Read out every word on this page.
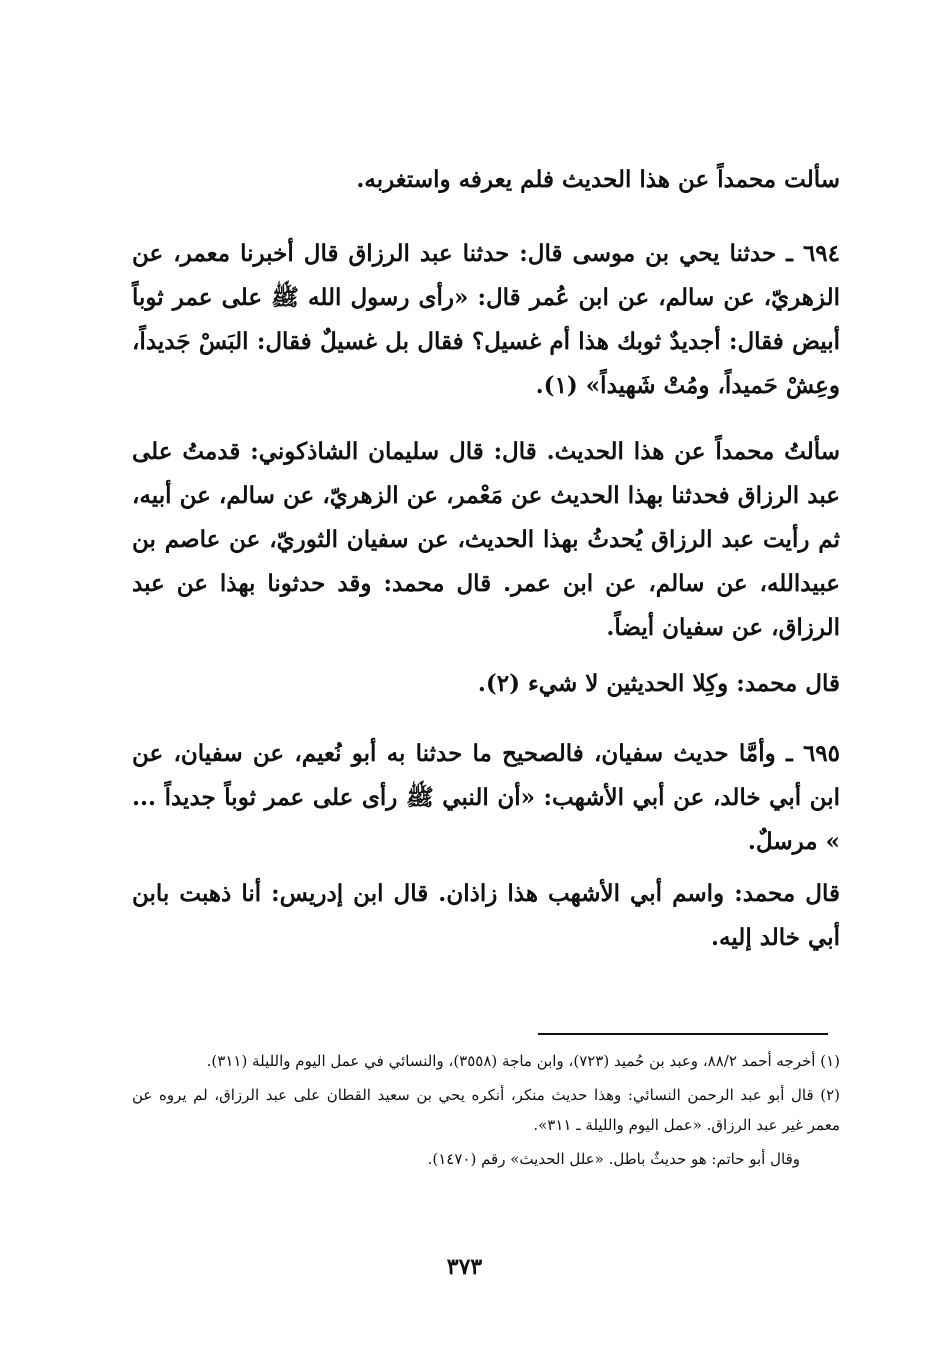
سألت محمداً عن هذا الحديث فلم يعرفه واستغربه.

٦٩٤ ـ حدثنا يحي بن موسى قال: حدثنا عبد الرزاق قال أخبرنا معمر، عن الزهريّ، عن سالم، عن ابن عُمر قال: «رأى رسول الله ﷺ على عمر ثوباً أبيض فقال: أجديدٌ ثوبك هذا أم غسيل؟ فقال بل غسيلٌ فقال: البَسْ جَديداً، وعِشْ حَميداً، ومُتْ شَهيداً» (١).

سألتُ محمداً عن هذا الحديث. قال: قال سليمان الشاذكوني: قدمتُ على عبد الرزاق فحدثنا بهذا الحديث عن مَعْمر، عن الزهريّ، عن سالم، عن أبيه، ثم رأيت عبد الرزاق يُحدثُ بهذا الحديث، عن سفيان الثوريّ، عن عاصم بن عبيدالله، عن سالم، عن ابن عمر. قال محمد: وقد حدثونا بهذا عن عبد الرزاق، عن سفيان أيضاً.

قال محمد: وكِلا الحديثين لا شيء (٢).

٦٩٥ ـ وأمَّا حديث سفيان، فالصحيح ما حدثنا به أبو نُعيم، عن سفيان، عن ابن أبي خالد، عن أبي الأشهب: «أن النبي ﷺ رأى على عمر ثوباً جديداً ... » مرسلٌ.

قال محمد: واسم أبي الأشهب هذا زاذان. قال ابن إدريس: أنا ذهبت بابن أبي خالد إليه.

(١) أخرجه أحمد ٨٨/٢، وعبد بن حُميد (٧٢٣)، وابن ماجة (٣٥٥٨)، والنسائي في عمل اليوم والليلة (٣١١).

(٢) قال أبو عبد الرحمن النسائي: وهذا حديث منكر، أنكره يحي بن سعيد القطان على عبد الرزاق، لم يروه عن معمر غير عبد الرزاق. «عمل اليوم والليلة ـ ٣١١».

وقال أبو حاتم: هو حديثٌ باطل. «علل الحديث» رقم (١٤٧٠).

٣٧٣
